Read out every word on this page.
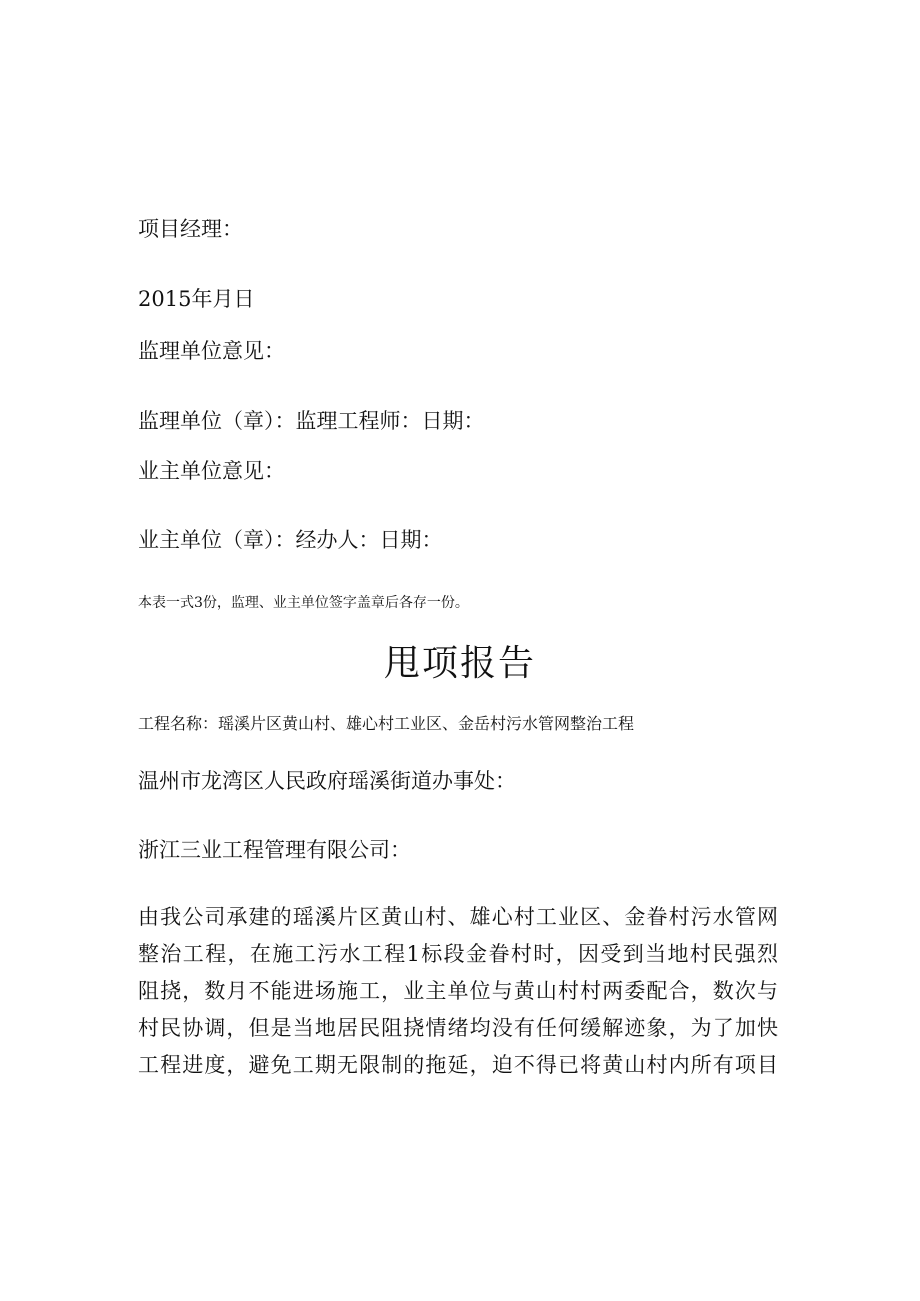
项目经理：
2015年月日
监理单位意见：
监理单位（章）：监理工程师：日期：
业主单位意见：
业主单位（章）：经办人：日期：
本表一式3份，监理、业主单位签字盖章后各存一份。
甩项报告
工程名称：瑶溪片区黄山村、雄心村工业区、金岳村污水管网整治工程
温州市龙湾区人民政府瑶溪街道办事处：
浙江三业工程管理有限公司：
由我公司承建的瑶溪片区黄山村、雄心村工业区、金眷村污水管网
整治工程，在施工污水工程1标段金眷村时，因受到当地村民强烈
阻挠，数月不能进场施工，业主单位与黄山村村两委配合，数次与
村民协调，但是当地居民阻挠情绪均没有任何缓解迹象，为了加快
工程进度，避免工期无限制的拖延，迫不得已将黄山村内所有项目
